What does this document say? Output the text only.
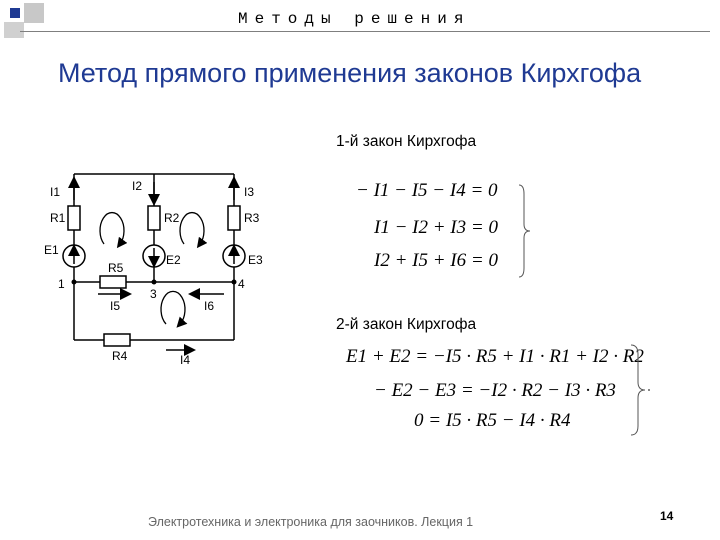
Методы решения
Метод прямого применения законов Кирхгофа
1-й закон Кирхгофа
2-й закон Кирхгофа
I1	I2	I3
R1	R2	R3
E1
E2	E3
R5
I5	I6
R4	I4
1
3
4
− I1 − I5 − I4 = 0
I1 − I2 + I3 = 0
I2 + I5 + I6 = 0
E1 + E2 = −I5 · R5 + I1 · R1 + I2 · R2
− E2 − E3 = −I2 · R2 − I3 · R3
0 = I5 · R5 − I4 · R4
Электротехника и электроника для заочников. Лекция 1	14
